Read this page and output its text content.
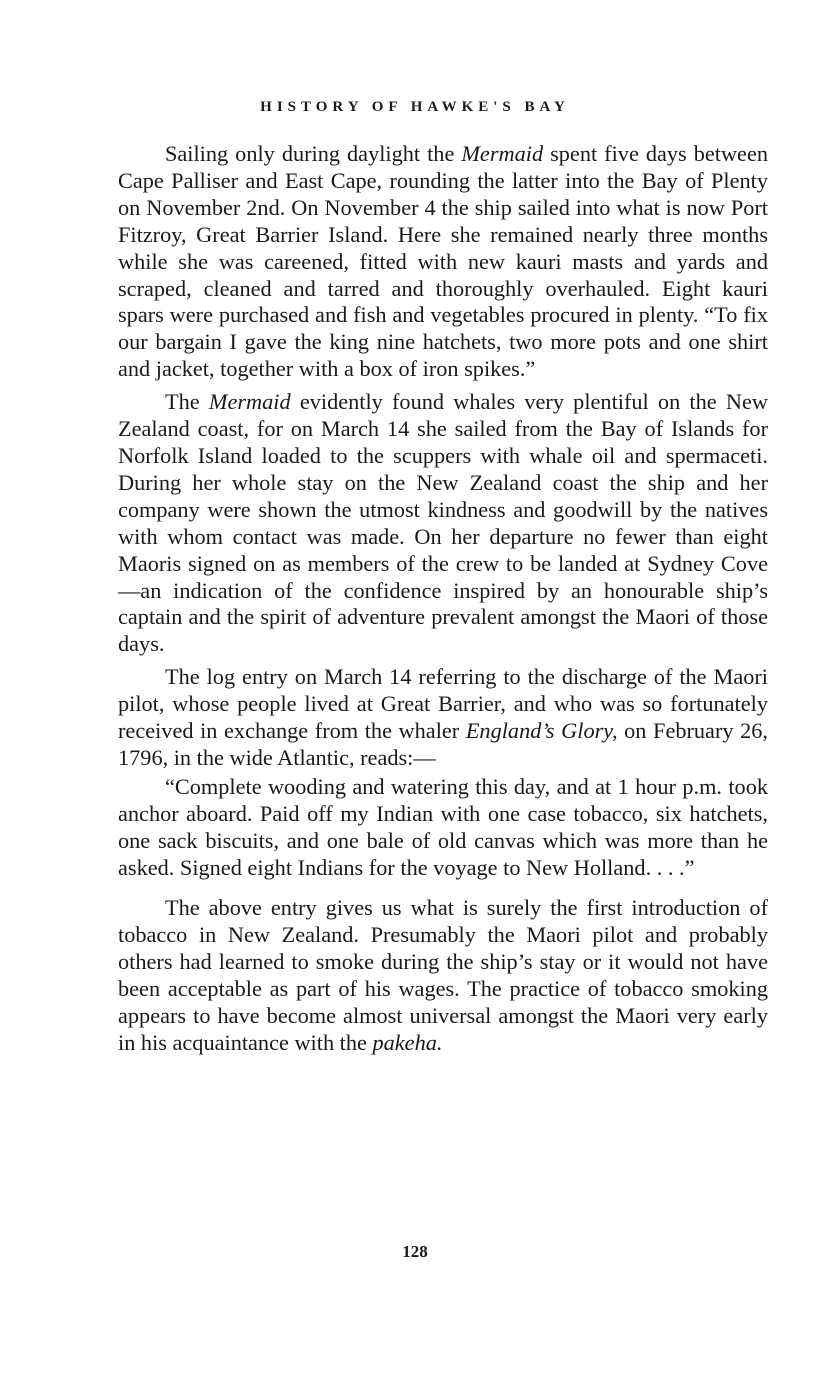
HISTORY OF HAWKE'S BAY

Sailing only during daylight the Mermaid spent five days between Cape Palliser and East Cape, rounding the latter into the Bay of Plenty on November 2nd. On November 4 the ship sailed into what is now Port Fitzroy, Great Barrier Island. Here she remained nearly three months while she was careened, fitted with new kauri masts and yards and scraped, cleaned and tarred and thoroughly overhauled. Eight kauri spars were purchased and fish and vegetables procured in plenty. “To fix our bargain I gave the king nine hatchets, two more pots and one shirt and jacket, together with a box of iron spikes.”

The Mermaid evidently found whales very plentiful on the New Zealand coast, for on March 14 she sailed from the Bay of Islands for Norfolk Island loaded to the scuppers with whale oil and spermaceti. During her whole stay on the New Zealand coast the ship and her company were shown the utmost kindness and goodwill by the natives with whom contact was made. On her departure no fewer than eight Maoris signed on as members of the crew to be landed at Sydney Cove—an indication of the confidence inspired by an honourable ship’s captain and the spirit of adventure prevalent amongst the Maori of those days.

The log entry on March 14 referring to the discharge of the Maori pilot, whose people lived at Great Barrier, and who was so fortunately received in exchange from the whaler England’s Glory, on February 26, 1796, in the wide Atlantic, reads:—

“Complete wooding and watering this day, and at 1 hour p.m. took anchor aboard. Paid off my Indian with one case tobacco, six hatchets, one sack biscuits, and one bale of old canvas which was more than he asked. Signed eight Indians for the voyage to New Holland. . . .”

The above entry gives us what is surely the first introduction of tobacco in New Zealand. Presumably the Maori pilot and probably others had learned to smoke during the ship’s stay or it would not have been acceptable as part of his wages. The practice of tobacco smoking appears to have become almost universal amongst the Maori very early in his acquaintance with the pakeha.

128
